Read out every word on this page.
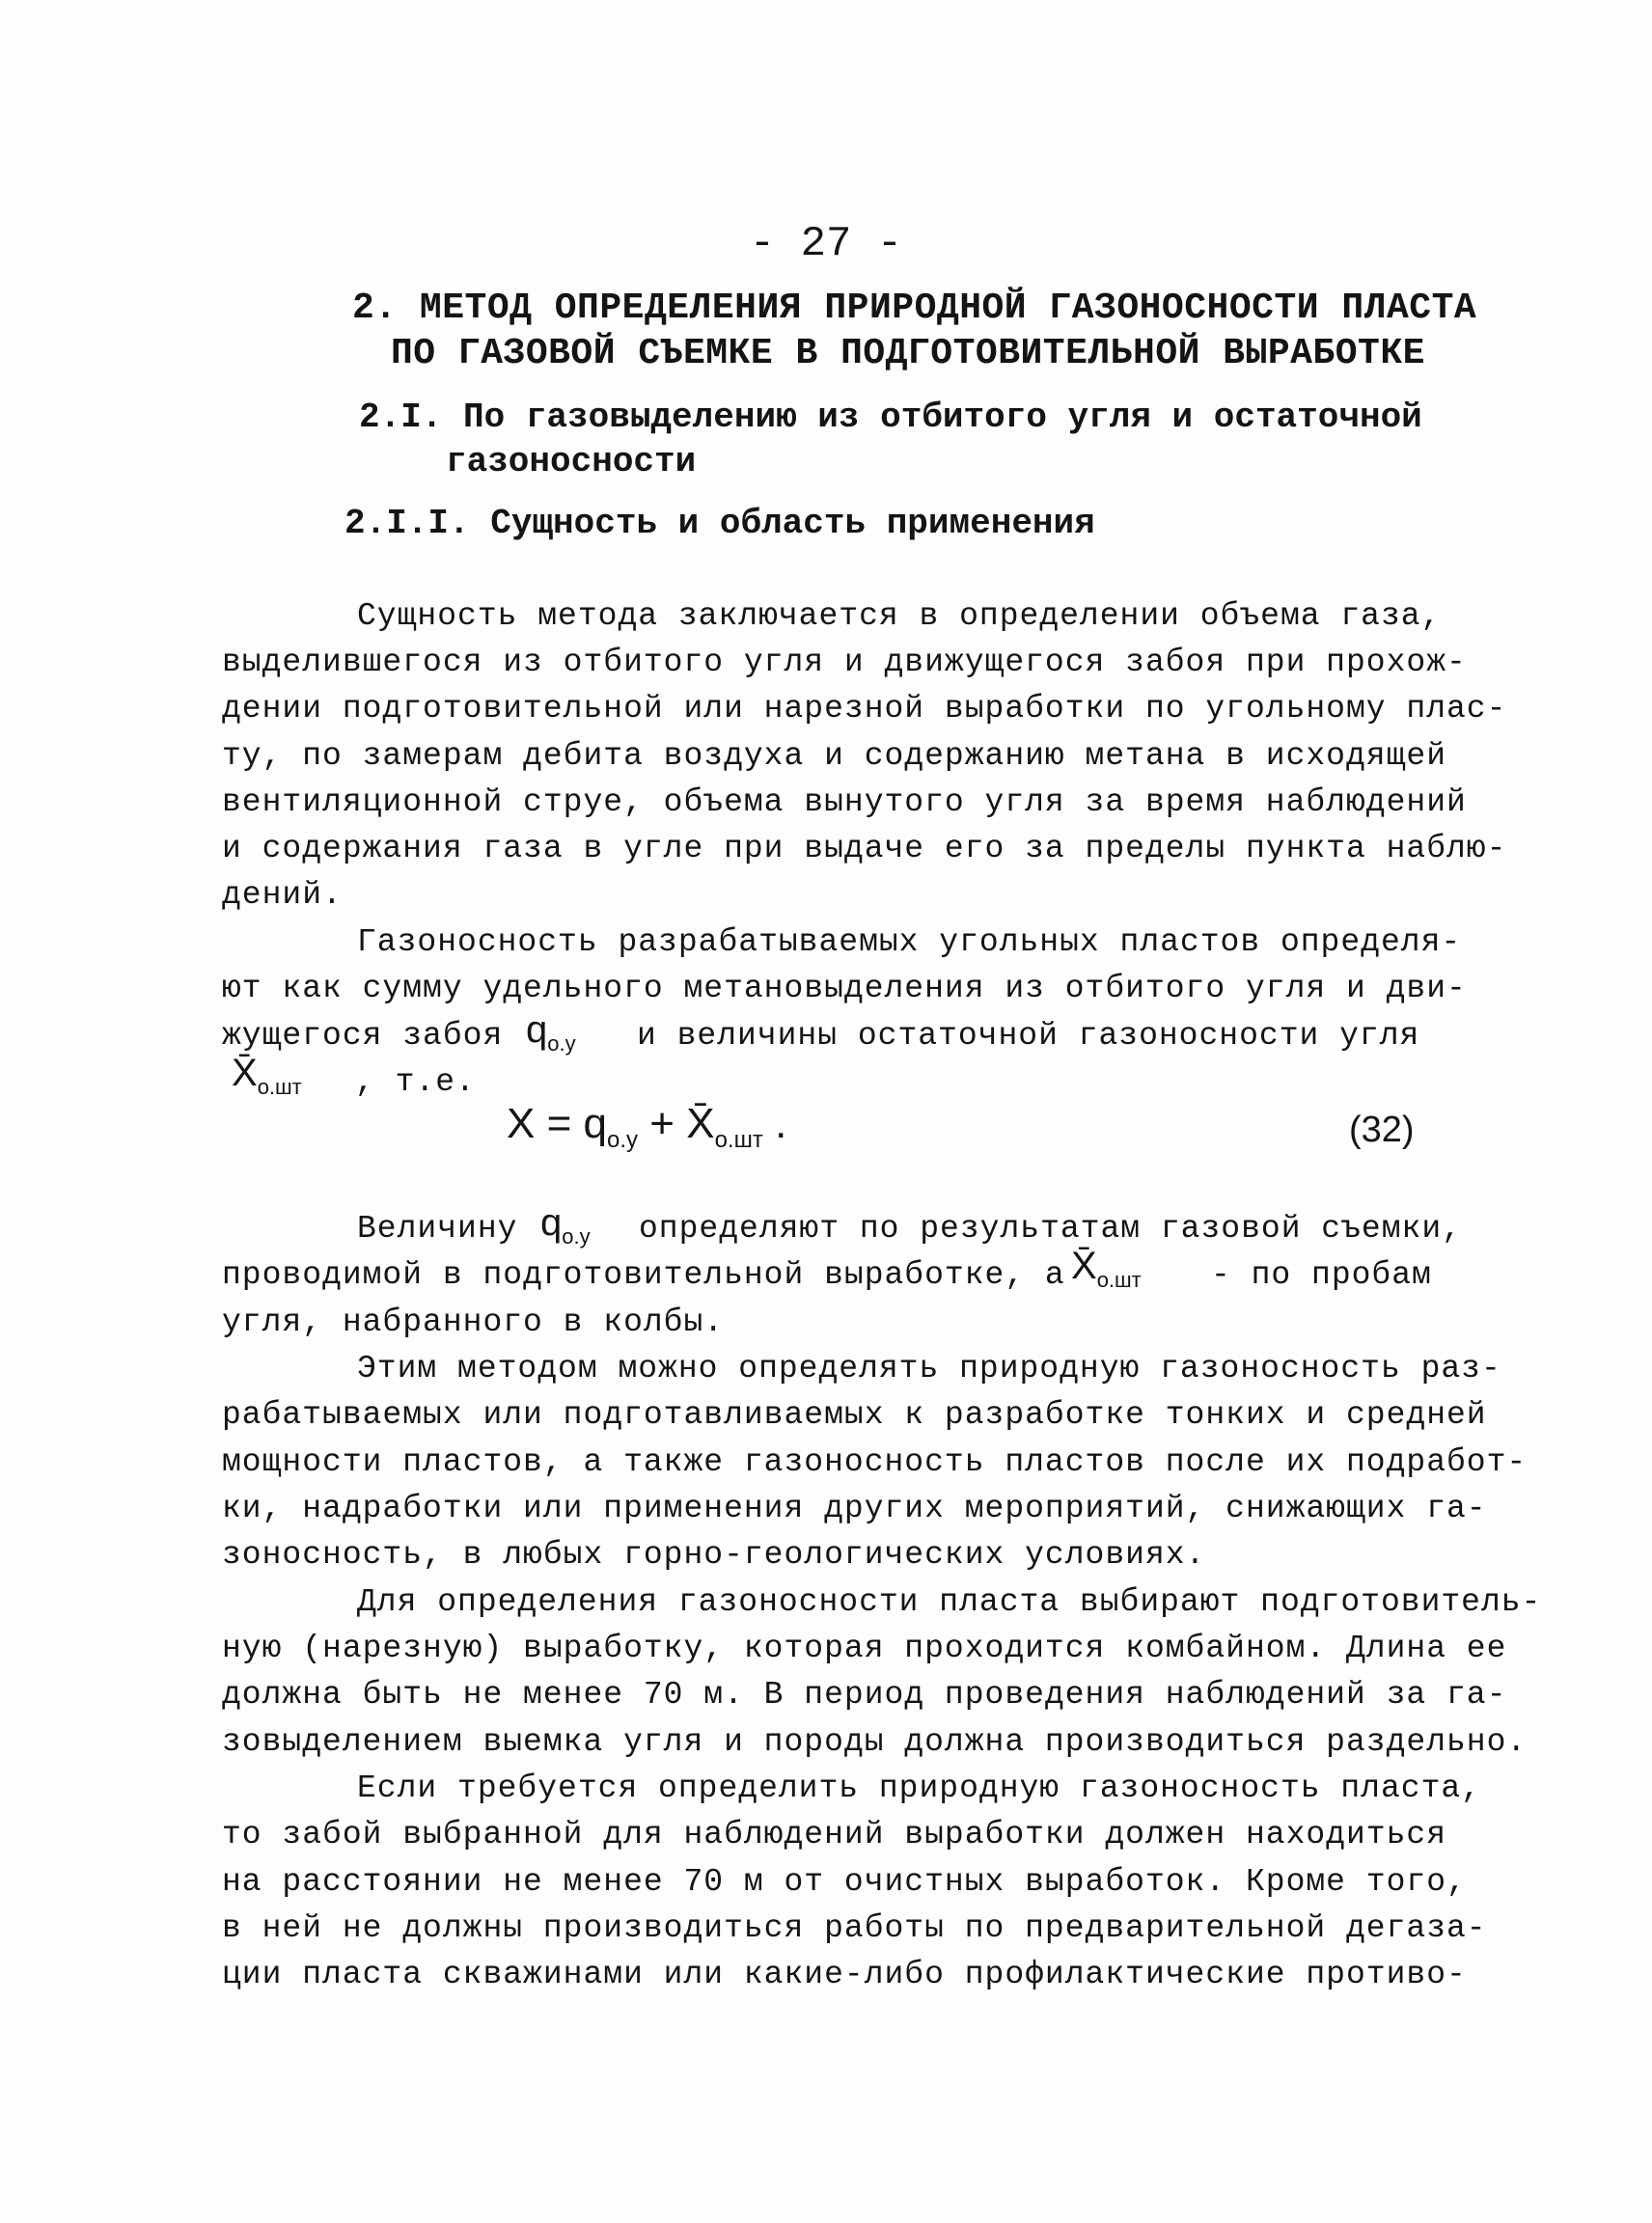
- 27 -

2. МЕТОД ОПРЕДЕЛЕНИЯ ПРИРОДНОЙ ГАЗОНОСНОСТИ ПЛАСТА

ПО ГАЗОВОЙ СЪЕМКЕ В ПОДГОТОВИТЕЛЬНОЙ ВЫРАБОТКЕ

2.I. По газовыделению из отбитого угля и остаточной

газоносности

2.I.I. Сущность и область применения

Сущность метода заключается в определении объема газа,
выделившегося из отбитого угля и движущегося забоя при прохож-
дении подготовительной или нарезной выработки по угольному плас-
ту, по замерам дебита воздуха и содержанию метана в исходящей
вентиляционной струе, объема вынутого угля за время наблюдений
и содержания газа в угле при выдаче его за пределы пункта наблю-
дений.
Газоносность разрабатываемых угольных пластов определя-
ют как сумму удельного метановыделения из отбитого угля и дви-
жущегося забоя $q_{о.у}$ и величины остаточной газоносности угля
$X̄_{о.шт}$ , т.е.
$X = q_{о.у}$ + $X̄_{о.шт}$ .	(32)
Величину $q_{о.у}$ определяют по результатам газовой съемки,
проводимой в подготовительной выработке, а $X̄_{о.шт}$ - по пробам
угля, набранного в колбы.
Этим методом можно определять природную газоносность раз-
рабатываемых или подготавливаемых к разработке тонких и средней
мощности пластов, а также газоносность пластов после их подработ-
ки, надработки или применения других мероприятий, снижающих га-
зоносность, в любых горно-геологических условиях.
Для определения газоносности пласта выбирают подготовитель-
ную (нарезную) выработку, которая проходится комбайном. Длина ее
должна быть не менее 70 м. В период проведения наблюдений за га-
зовыделением выемка угля и породы должна производиться раздельно.
Если требуется определить природную газоносность пласта,
то забой выбранной для наблюдений выработки должен находиться
на расстоянии не менее 70 м от очистных выработок. Кроме того,
в ней не должны производиться работы по предварительной дегаза-
ции пласта скважинами или какие-либо профилактические противо-
